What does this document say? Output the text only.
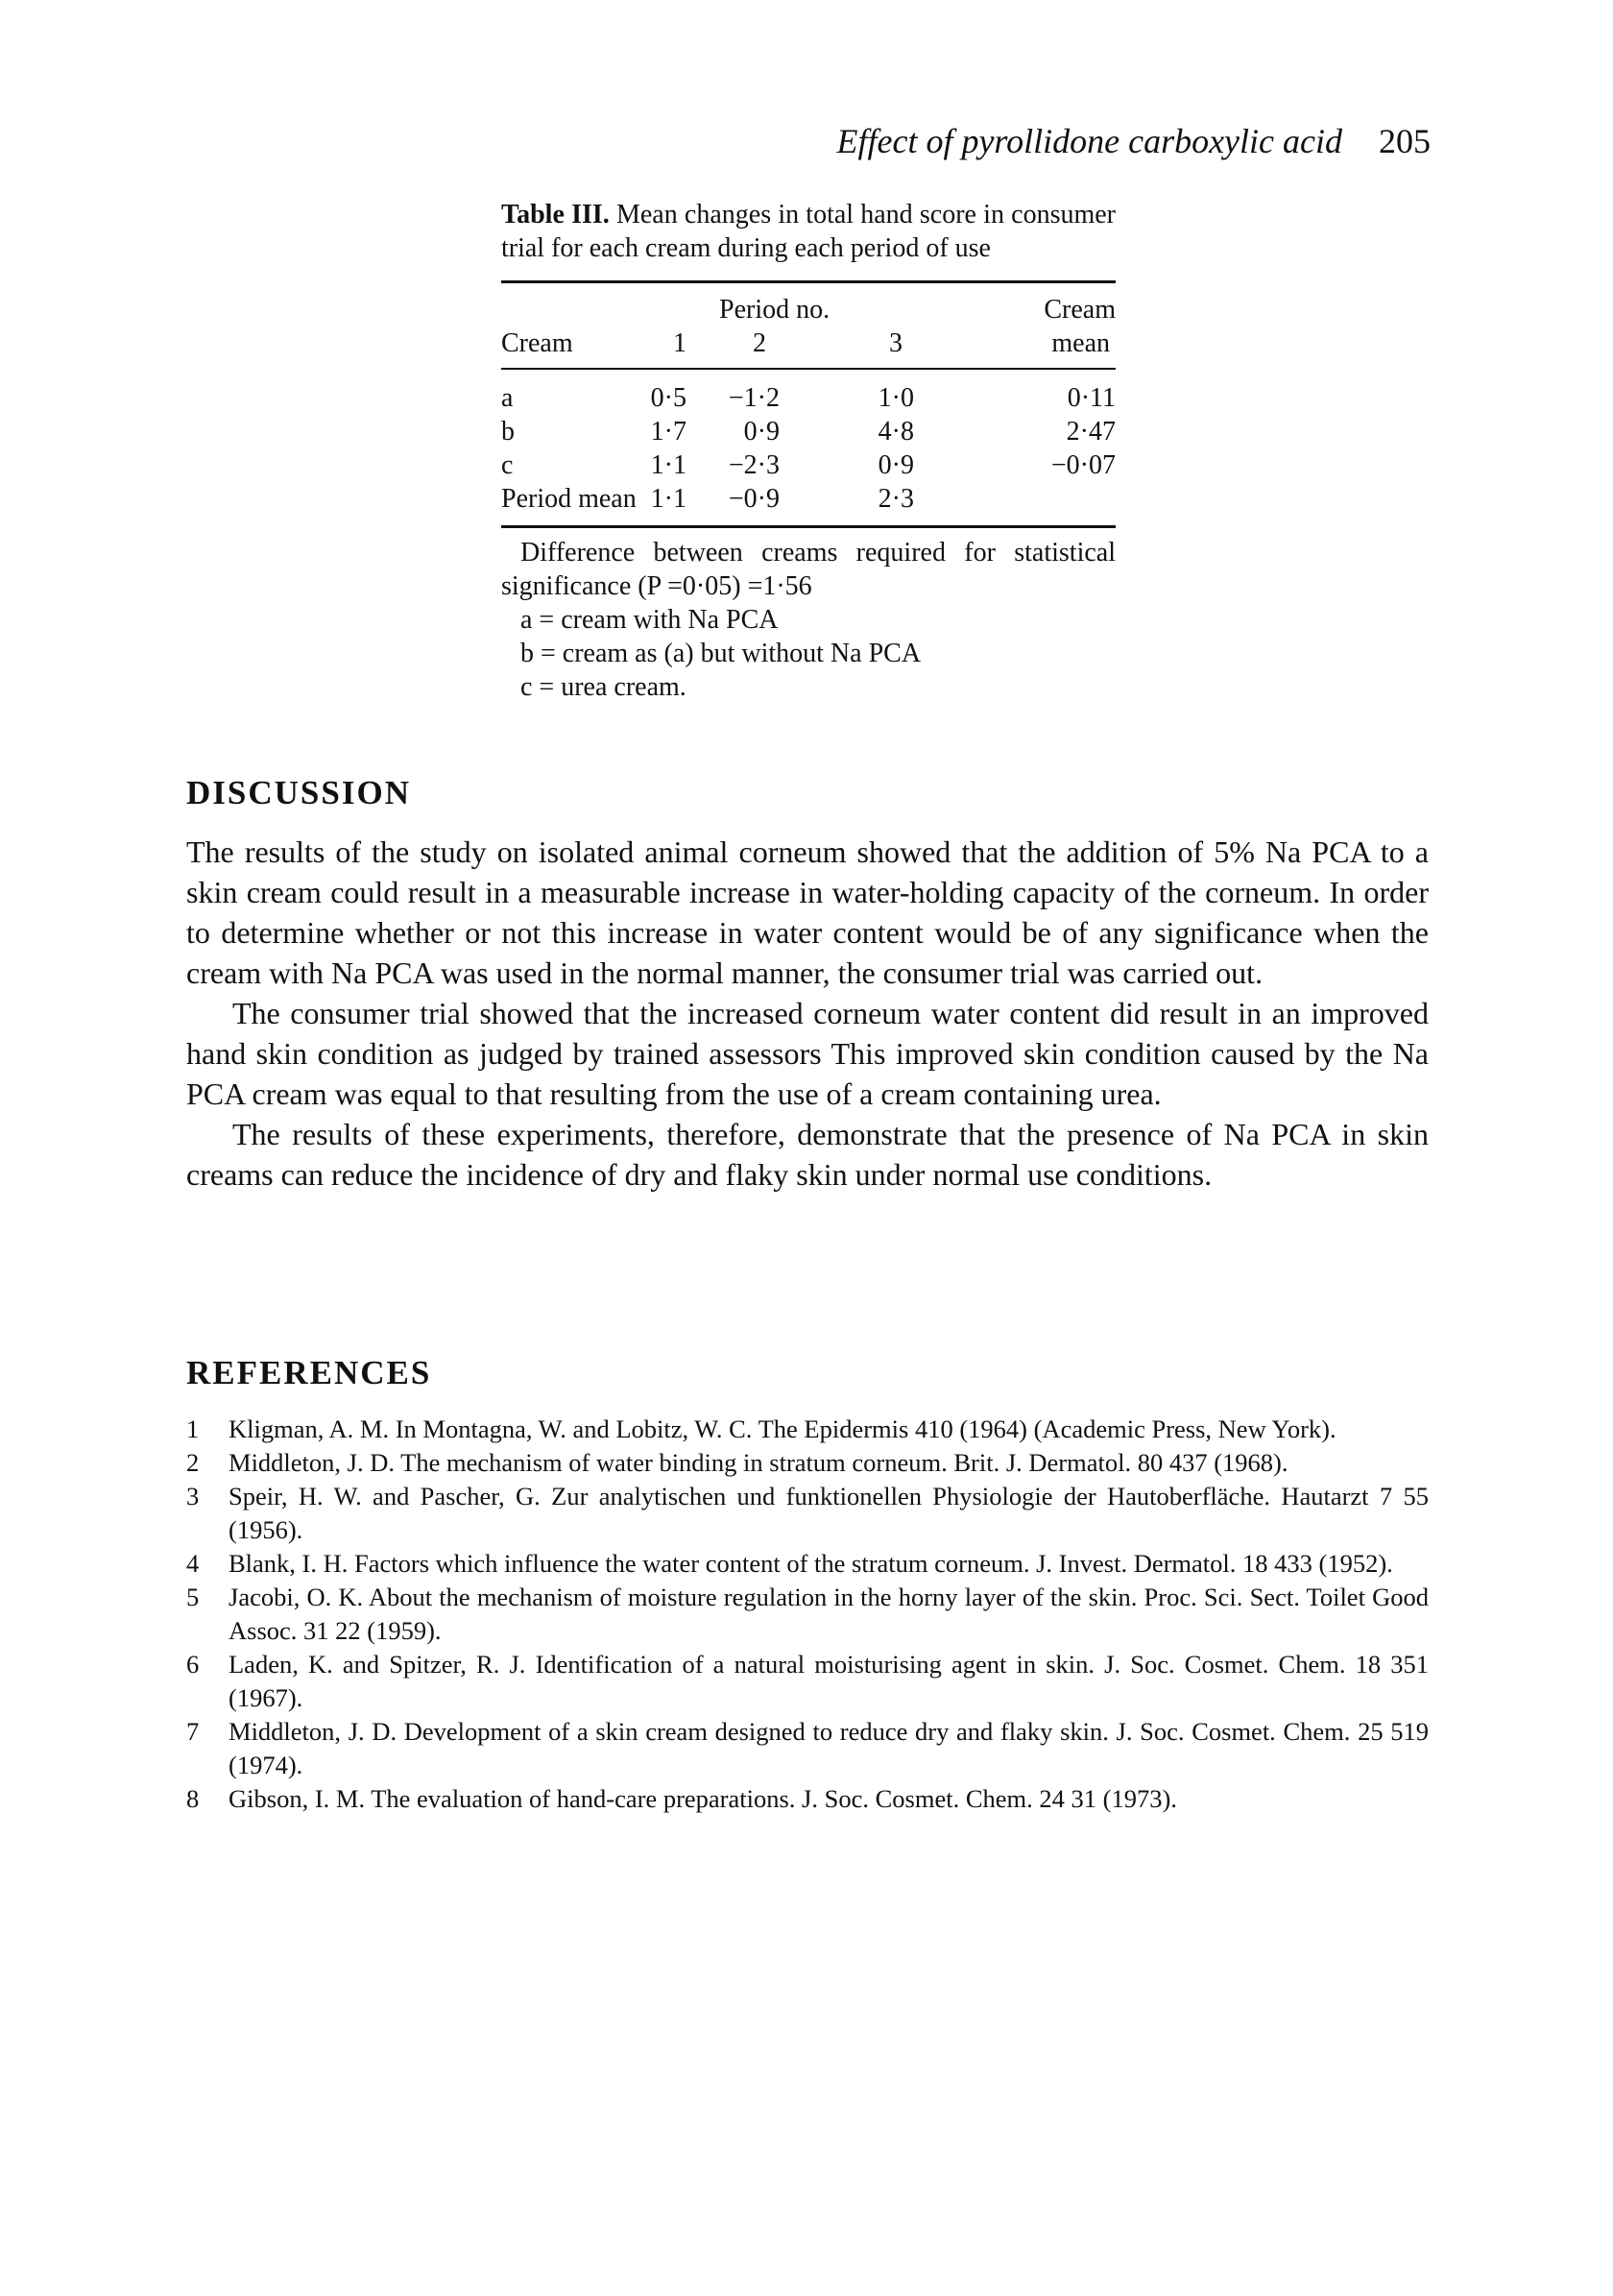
Effect of pyrollidone carboxylic acid 205
Table III. Mean changes in total hand score in consumer trial for each cream during each period of use
		Period no.		Cream
Cream	1	2	3	mean
a	0·5	−1·2	1·0	0·11
b	1·7	0·9	4·8	2·47
c	1·1	−2·3	0·9	−0·07
Period mean	1·1	−0·9	2·3	
Difference between creams required for statistical significance (P =0·05) =1·56
a = cream with Na PCA
b = cream as (a) but without Na PCA
c = urea cream.
DISCUSSION

The results of the study on isolated animal corneum showed that the addition of 5% Na PCA to a skin cream could result in a measurable increase in water-holding capacity of the corneum. In order to determine whether or not this increase in water content would be of any significance when the cream with Na PCA was used in the normal manner, the consumer trial was carried out.

The consumer trial showed that the increased corneum water content did result in an improved hand skin condition as judged by trained assessors This improved skin condition caused by the Na PCA cream was equal to that resulting from the use of a cream containing urea.

The results of these experiments, therefore, demonstrate that the presence of Na PCA in skin creams can reduce the incidence of dry and flaky skin under normal use conditions.

REFERENCES
1	Kligman, A. M. In Montagna, W. and Lobitz, W. C. The Epidermis 410 (1964) (Academic Press, New York).
2	Middleton, J. D. The mechanism of water binding in stratum corneum. Brit. J. Dermatol. 80 437 (1968).
3	Speir, H. W. and Pascher, G. Zur analytischen und funktionellen Physiologie der Hautoberfläche. Hautarzt 7 55 (1956).
4	Blank, I. H. Factors which influence the water content of the stratum corneum. J. Invest. Dermatol. 18 433 (1952).
5	Jacobi, O. K. About the mechanism of moisture regulation in the horny layer of the skin. Proc. Sci. Sect. Toilet Good Assoc. 31 22 (1959).
6	Laden, K. and Spitzer, R. J. Identification of a natural moisturising agent in skin. J. Soc. Cosmet. Chem. 18 351 (1967).
7	Middleton, J. D. Development of a skin cream designed to reduce dry and flaky skin. J. Soc. Cosmet. Chem. 25 519 (1974).
8	Gibson, I. M. The evaluation of hand-care preparations. J. Soc. Cosmet. Chem. 24 31 (1973).
